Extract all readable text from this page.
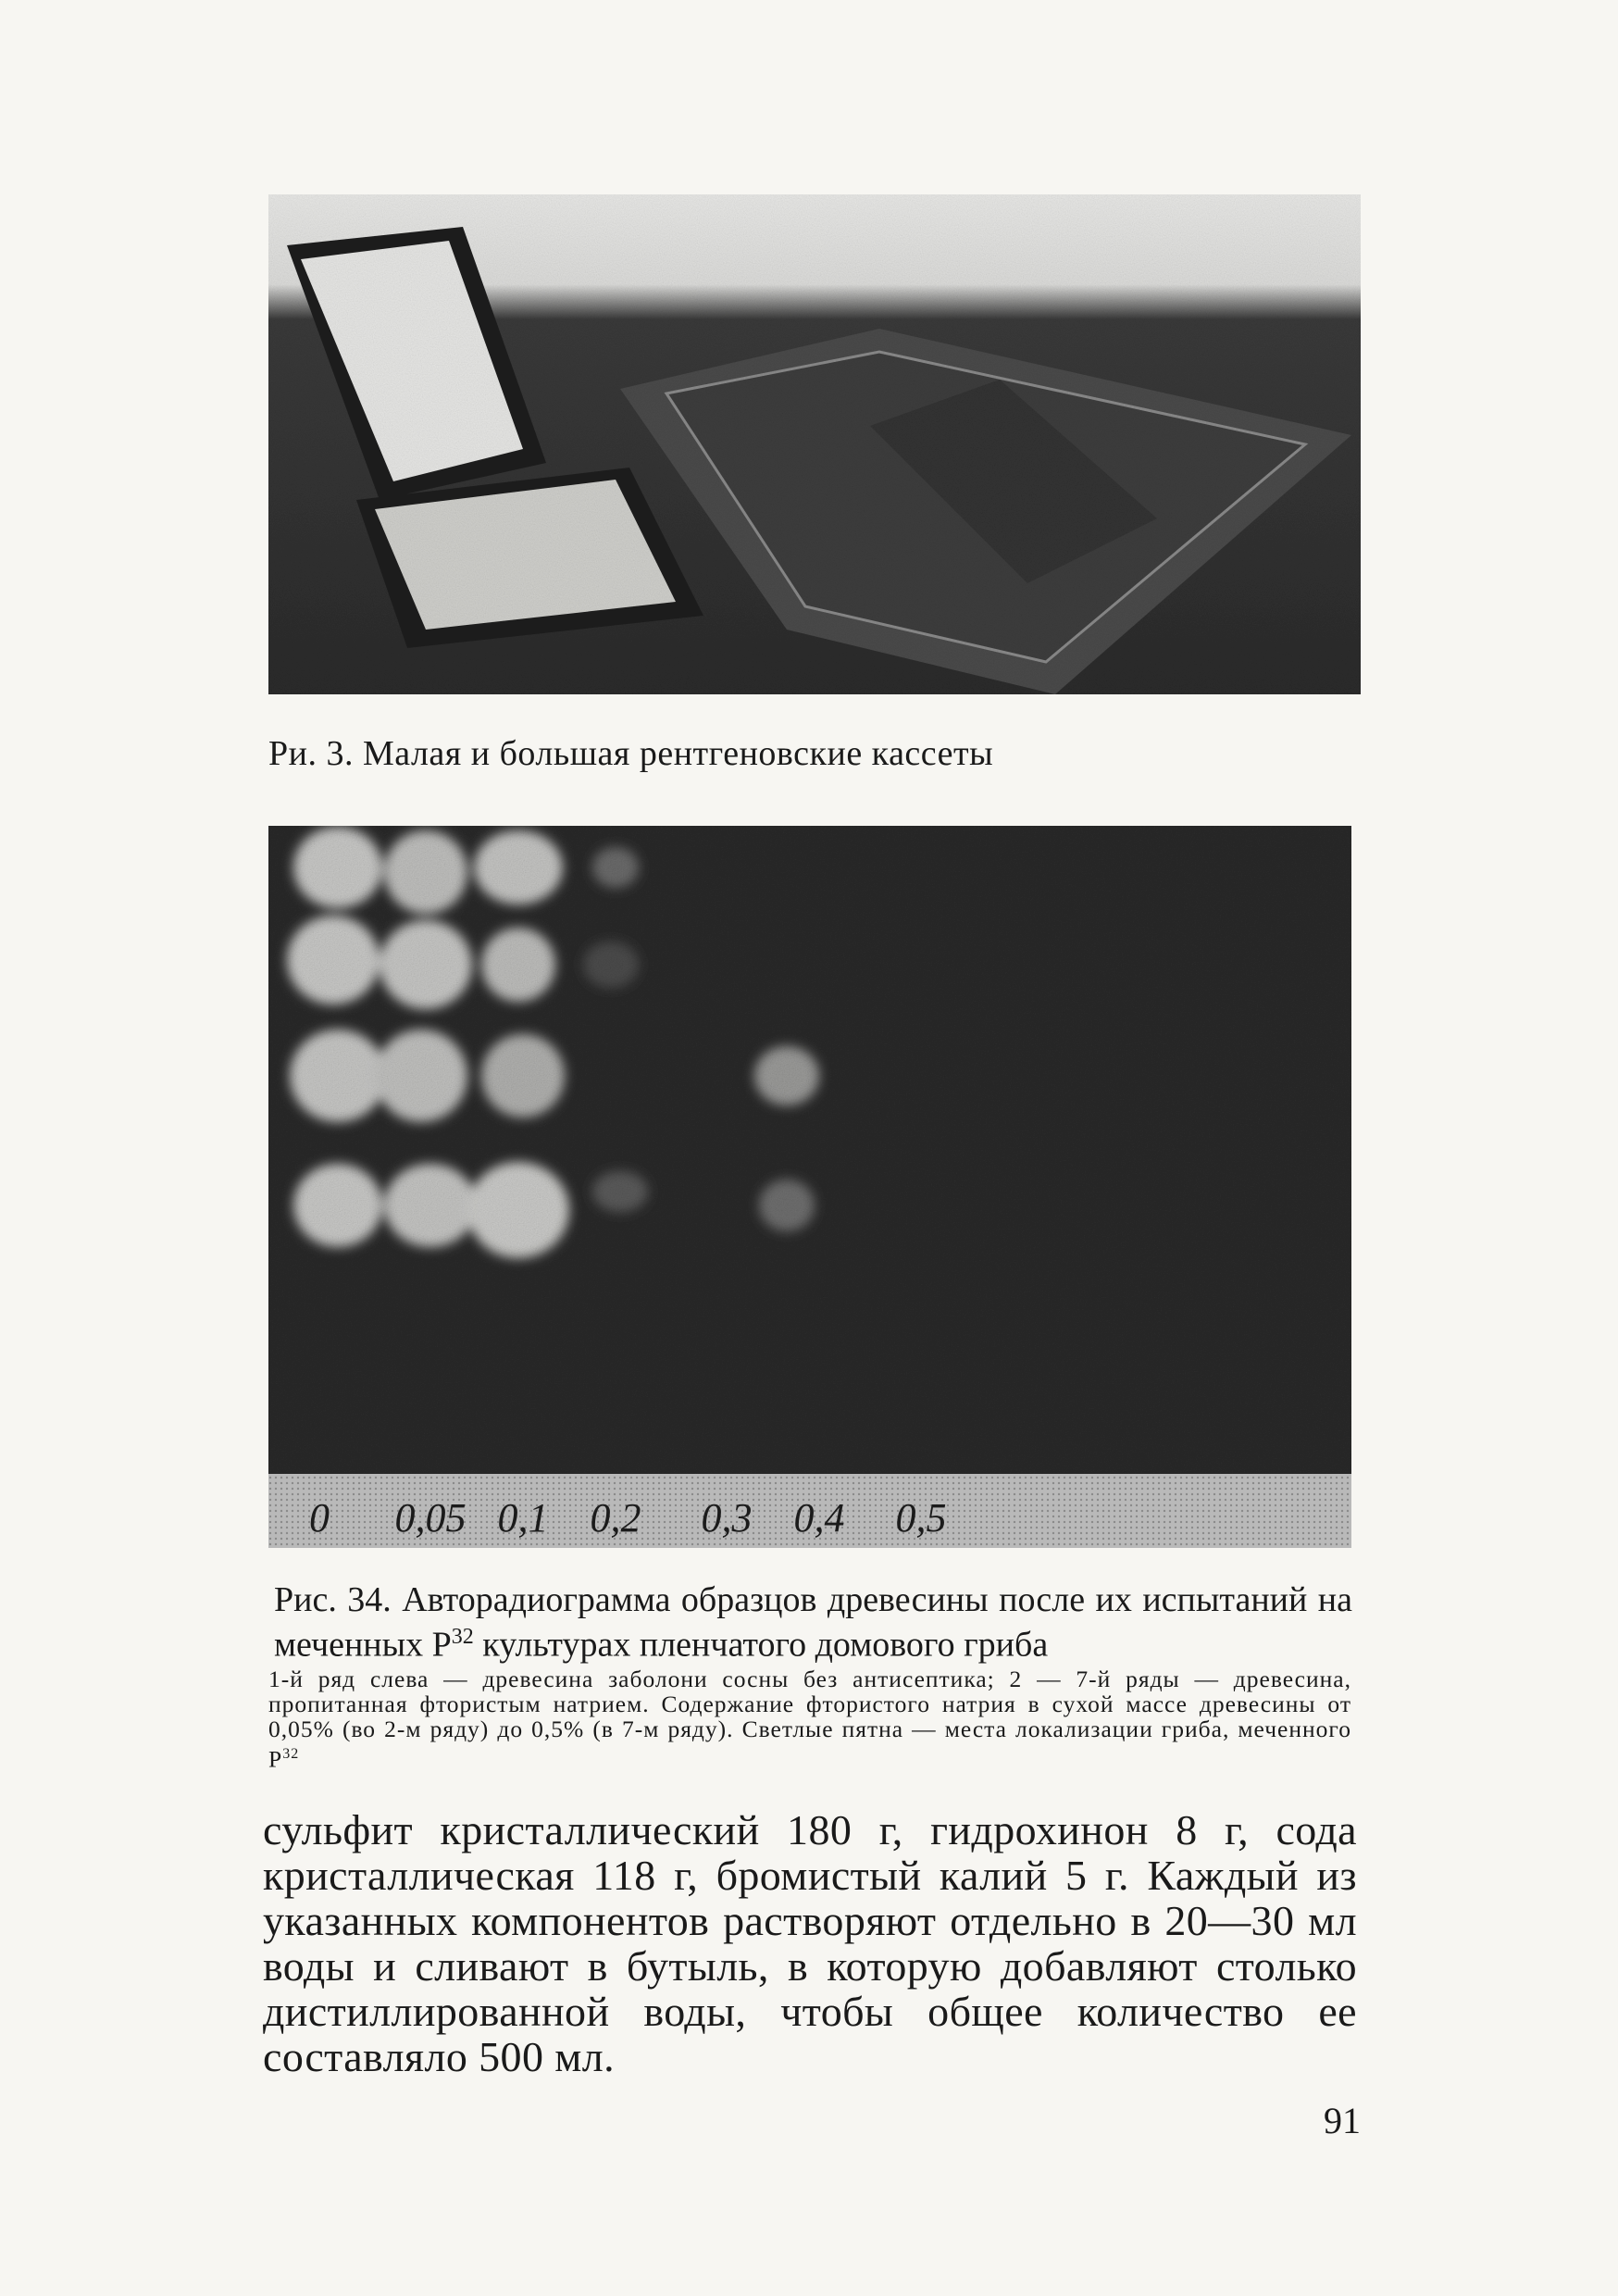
Ри. 3. Малая и большая рентгеновские кассеты
0	0,05 0,1	0,2	0,3	0,4	0,5
Рис. 34. Авторадиограмма образцов древесины после их испытаний на меченных $P^{32}$ культурах пленчатого домового гриба
1-й ряд слева — древесина заболони сосны без антисептика; 2 — 7-й ряды — древесина, пропитанная фтористым натрием. Содержание фтористого натрия в сухой массе древесины от 0,05% (во 2-м ряду) до 0,5% (в 7-м ряду). Светлые пятна — места локализации гриба, меченного $P^{32}$
сульфит кристаллический 180 г, гидрохинон 8 г, сода кристаллическая 118 г, бромистый калий 5 г. Каждый из указанных компонентов растворяют отдельно в 20—30 мл воды и сливают в бутыль, в которую добавляют столько дистиллированной воды, чтобы общее количество ее составляло 500 мл.
91
